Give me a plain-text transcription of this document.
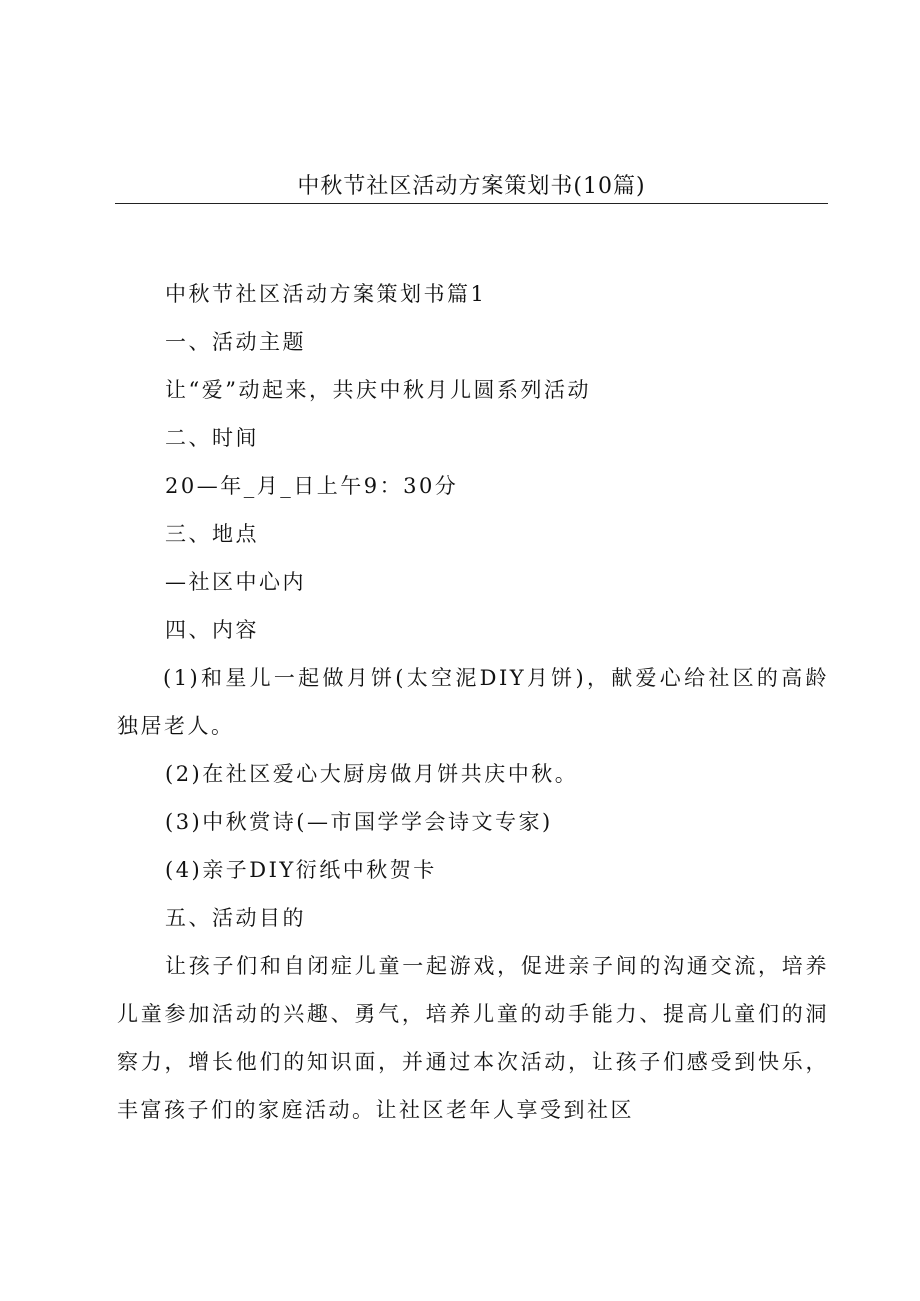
中秋节社区活动方案策划书(10篇)

中秋节社区活动方案策划书篇1

一、活动主题

让“爱”动起来，共庆中秋月儿圆系列活动

二、时间

20—年_月_日上午9：30分

三、地点

—社区中心内

四、内容

(1)和星儿一起做月饼(太空泥DIY月饼)，献爱心给社区的高龄独居老人。

(2)在社区爱心大厨房做月饼共庆中秋。

(3)中秋赏诗(—市国学学会诗文专家)

(4)亲子DIY衍纸中秋贺卡

五、活动目的

让孩子们和自闭症儿童一起游戏，促进亲子间的沟通交流，培养儿童参加活动的兴趣、勇气，培养儿童的动手能力、提高儿童们的洞察力，增长他们的知识面，并通过本次活动，让孩子们感受到快乐，丰富孩子们的家庭活动。让社区老年人享受到社区
